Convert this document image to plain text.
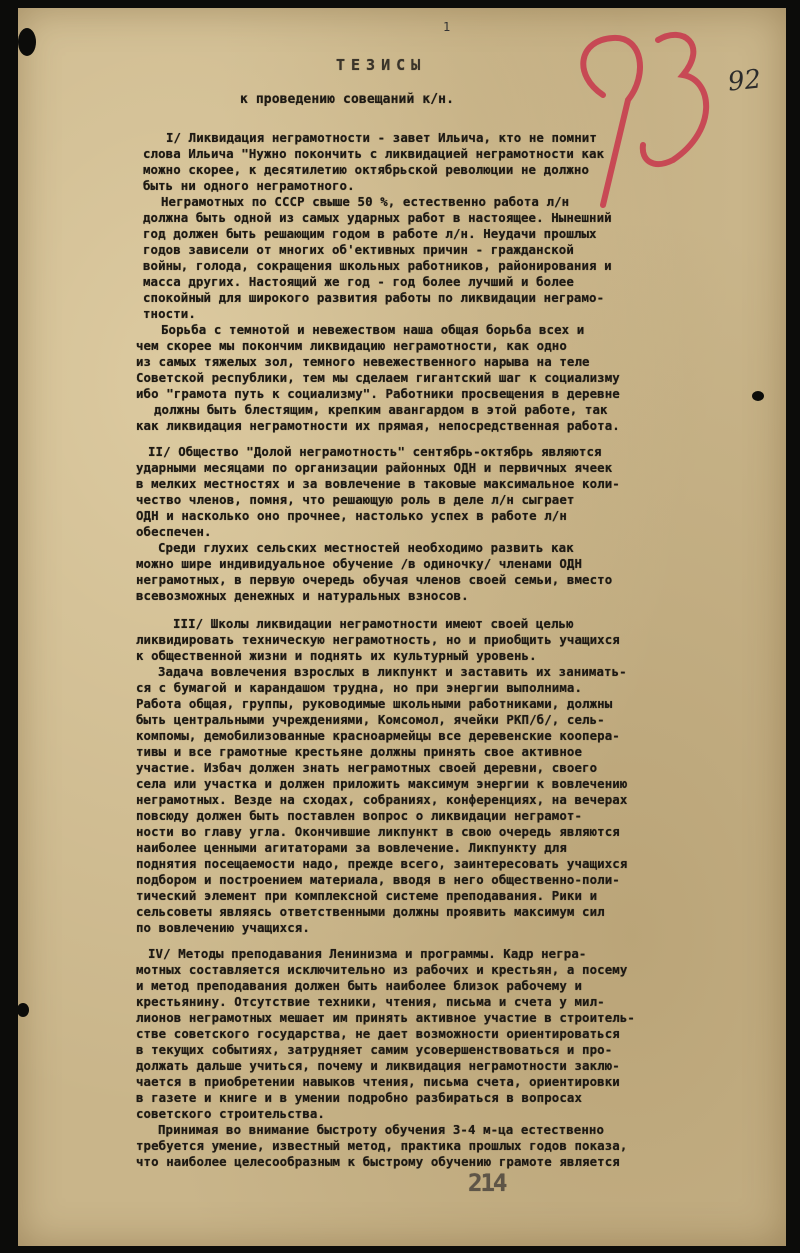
1
92
ТЕЗИСЫ
к проведению совещаний к/н.
I/ Ликвидация неграмотности - завет Ильича, кто не помнит
слова Ильича "Нужно покончить с ликвидацией неграмотности как
можно скорее, к десятилетию октябрьской революции не должно
быть ни одного неграмотного.
Неграмотных по СССР свыше 50 %, естественно работа л/н
должна быть одной из самых ударных работ в настоящее. Нынешний
год должен быть решающим годом в работе л/н. Неудачи прошлых
годов зависели от многих об'ективных причин - гражданской
войны, голода, сокращения школьных работников, районирования и
масса других. Настоящий же год - год более лучший и более
спокойный для широкого развития работы по ликвидации неграмо-
тности.
Борьба с темнотой и невежеством наша общая борьба всех и
чем скорее мы покончим ликвидацию неграмотности, как одно
из самых тяжелых зол, темного невежественного нарыва на теле
Советской республики, тем мы сделаем гигантский шаг к социализму
ибо "грамота путь к социализму". Работники просвещения в деревне
должны быть блестящим, крепким авангардом в этой работе, так
как ликвидация неграмотности их прямая, непосредственная работа.
II/ Общество "Долой неграмотность" сентябрь-октябрь являются
ударными месяцами по организации районных ОДН и первичных ячеек
в мелких местностях и за вовлечение в таковые максимальное коли-
чество членов, помня, что решающую роль в деле л/н сыграет
ОДН и насколько оно прочнее, настолько успех в работе л/н
обеспечен.
Среди глухих сельских местностей необходимо развить как
можно шире индивидуальное обучение /в одиночку/ членами ОДН
неграмотных, в первую очередь обучая членов своей семьи, вместо
всевозможных денежных и натуральных взносов.
III/ Школы ликвидации неграмотности имеют своей целью
ликвидировать техническую неграмотность, но и приобщить учащихся
к общественной жизни и поднять их культурный уровень.
Задача вовлечения взрослых в ликпункт и заставить их занимать-
ся с бумагой и карандашом трудна, но при энергии выполнима.
Работа общая, группы, руководимые школьными работниками, должны
быть центральными учреждениями, Комсомол, ячейки РКП/б/, сель-
компомы, демобилизованные красноармейцы все деревенские коопера-
тивы и все грамотные крестьяне должны принять свое активное
участие. Избач должен знать неграмотных своей деревни, своего
села или участка и должен приложить максимум энергии к вовлечению
неграмотных. Везде на сходах, собраниях, конференциях, на вечерах
повсюду должен быть поставлен вопрос о ликвидации неграмот-
ности во главу угла. Окончившие ликпункт в свою очередь являются
наиболее ценными агитаторами за вовлечение. Ликпункту для
поднятия посещаемости надо, прежде всего, заинтересовать учащихся
подбором и построением материала, вводя в него общественно-поли-
тический элемент при комплексной системе преподавания. Рики и
сельсоветы являясь ответственными должны проявить максимум сил
по вовлечению учащихся.
IV/ Методы преподавания Ленинизма и программы. Кадр негра-
мотных составляется исключительно из рабочих и крестьян, а посему
и метод преподавания должен быть наиболее близок рабочему и
крестьянину. Отсутствие техники, чтения, письма и счета у мил-
лионов неграмотных мешает им принять активное участие в строитель-
стве советского государства, не дает возможности ориентироваться
в текущих событиях, затрудняет самим усовершенствоваться и про-
должать дальше учиться, почему и ликвидация неграмотности заклю-
чается в приобретении навыков чтения, письма счета, ориентировки
в газете и книге и в умении подробно разбираться в вопросах
советского строительства.
Принимая во внимание быстроту обучения 3-4 м-ца естественно
требуется умение, известный метод, практика прошлых годов показа,
что наиболее целесообразным к быстрому обучению грамоте является
214
